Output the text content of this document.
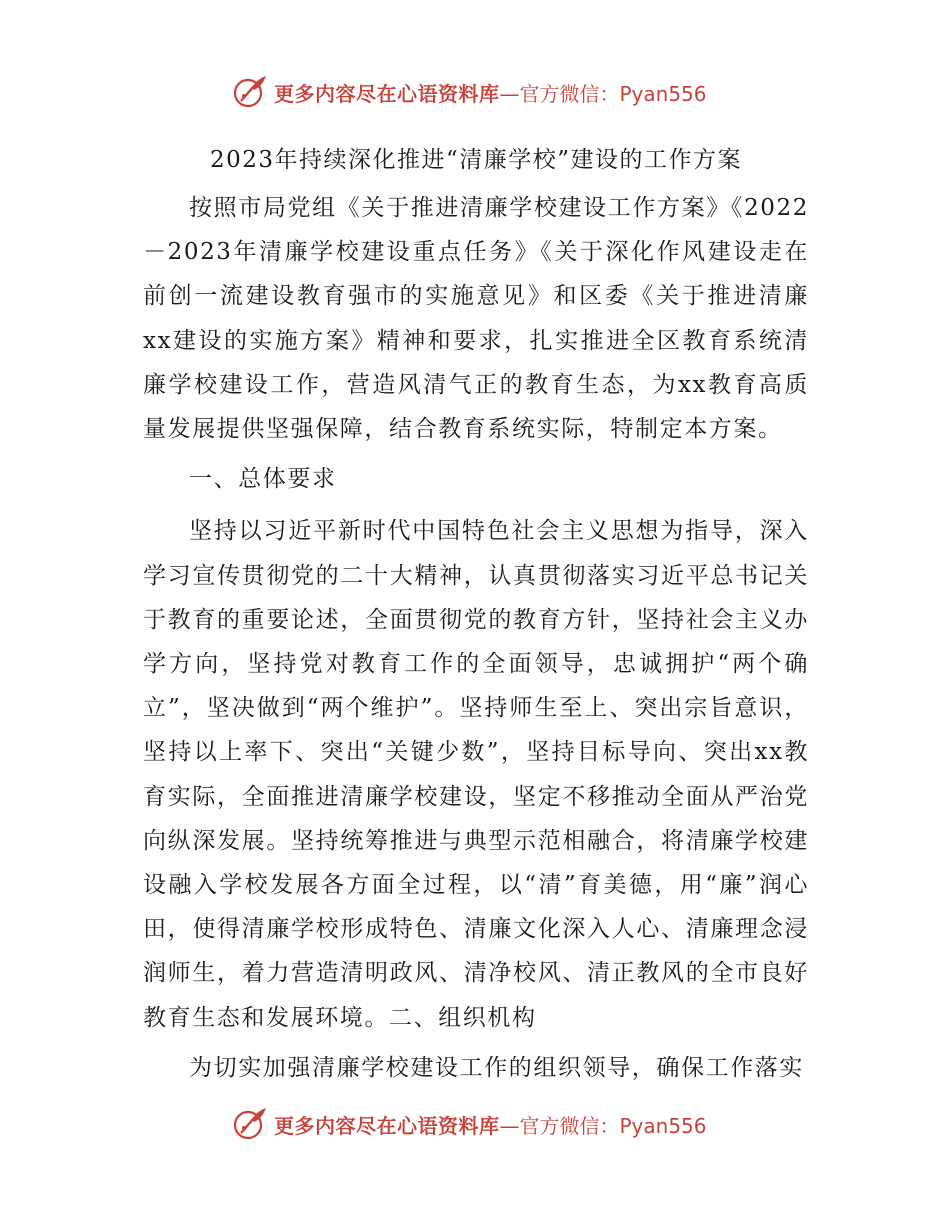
更多内容尽在心语资料库 —官方微信：Pyan556
2023年持续深化推进“清廉学校”建设的工作方案

按照市局党组《关于推进清廉学校建设工作方案》《2022－2023年清廉学校建设重点任务》《关于深化作风建设走在前创一流建设教育强市的实施意见》和区委《关于推进清廉xx建设的实施方案》精神和要求，扎实推进全区教育系统清廉学校建设工作，营造风清气正的教育生态，为xx教育高质量发展提供坚强保障，结合教育系统实际，特制定本方案。

一、总体要求

坚持以习近平新时代中国特色社会主义思想为指导，深入学习宣传贯彻党的二十大精神，认真贯彻落实习近平总书记关于教育的重要论述，全面贯彻党的教育方针，坚持社会主义办学方向，坚持党对教育工作的全面领导，忠诚拥护“两个确立”，坚决做到“两个维护”。坚持师生至上、突出宗旨意识，坚持以上率下、突出“关键少数”，坚持目标导向、突出xx教育实际，全面推进清廉学校建设，坚定不移推动全面从严治党向纵深发展。坚持统筹推进与典型示范相融合，将清廉学校建设融入学校发展各方面全过程，以“清”育美德，用“廉”润心田，使得清廉学校形成特色、清廉文化深入人心、清廉理念浸润师生，着力营造清明政风、清净校风、清正教风的全市良好教育生态和发展环境。二、组织机构

为切实加强清廉学校建设工作的组织领导，确保工作落实

更多内容尽在心语资料库 —官方微信：Pyan556
